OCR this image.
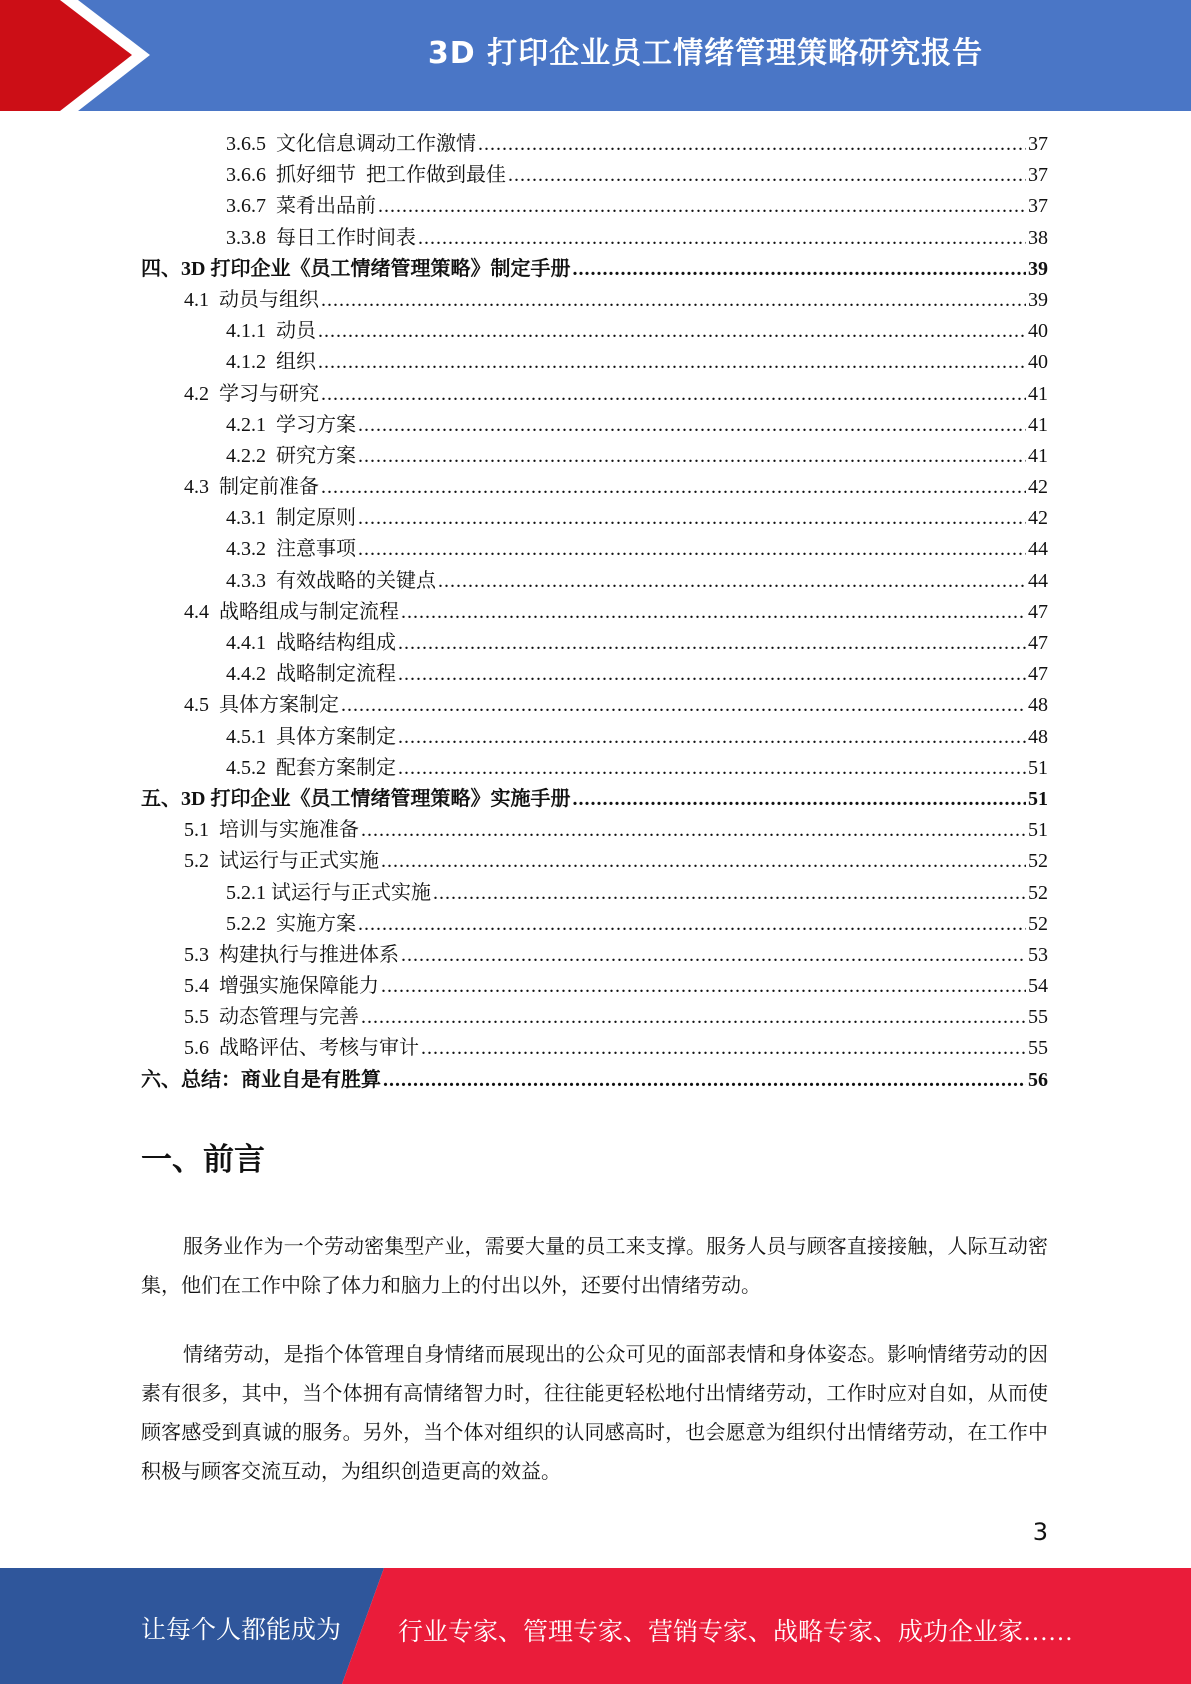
3D 打印企业员工情绪管理策略研究报告
3.6.5  文化信息调动工作激情 .....	37
3.6.6  抓好细节  把工作做到最佳 .....	37
3.6.7  菜肴出品前 .....	37
3.3.8  每日工作时间表 .....	38
四、3D 打印企业《员工情绪管理策略》制定手册 .....	39
4.1  动员与组织 .....	39
4.1.1  动员 .....	40
4.1.2  组织 .....	40
4.2  学习与研究 .....	41
4.2.1  学习方案 .....	41
4.2.2  研究方案 .....	41
4.3  制定前准备 .....	42
4.3.1  制定原则 .....	42
4.3.2  注意事项 .....	44
4.3.3  有效战略的关键点 .....	44
4.4  战略组成与制定流程 .....	47
4.4.1  战略结构组成 .....	47
4.4.2  战略制定流程 .....	47
4.5  具体方案制定 .....	48
4.5.1  具体方案制定 .....	48
4.5.2  配套方案制定 .....	51
五、3D 打印企业《员工情绪管理策略》实施手册 .....	51
5.1  培训与实施准备 .....	51
5.2  试运行与正式实施 .....	52
5.2.1 试运行与正式实施 .....	52
5.2.2  实施方案 .....	52
5.3  构建执行与推进体系 .....	53
5.4  增强实施保障能力 .....	54
5.5  动态管理与完善 .....	55
5.6  战略评估、考核与审计 .....	55
六、总结：商业自是有胜算 .....	56
一、前言

服务业作为一个劳动密集型产业，需要大量的员工来支撑。服务人员与顾客直接接触，人际互动密集，他们在工作中除了体力和脑力上的付出以外，还要付出情绪劳动。

情绪劳动，是指个体管理自身情绪而展现出的公众可见的面部表情和身体姿态。影响情绪劳动的因素有很多，其中，当个体拥有高情绪智力时，往往能更轻松地付出情绪劳动，工作时应对自如，从而使顾客感受到真诚的服务。另外，当个体对组织的认同感高时，也会愿意为组织付出情绪劳动，在工作中积极与顾客交流互动，为组织创造更高的效益。

3
让每个人都能成为 行业专家、管理专家、营销专家、战略专家、成功企业家……
